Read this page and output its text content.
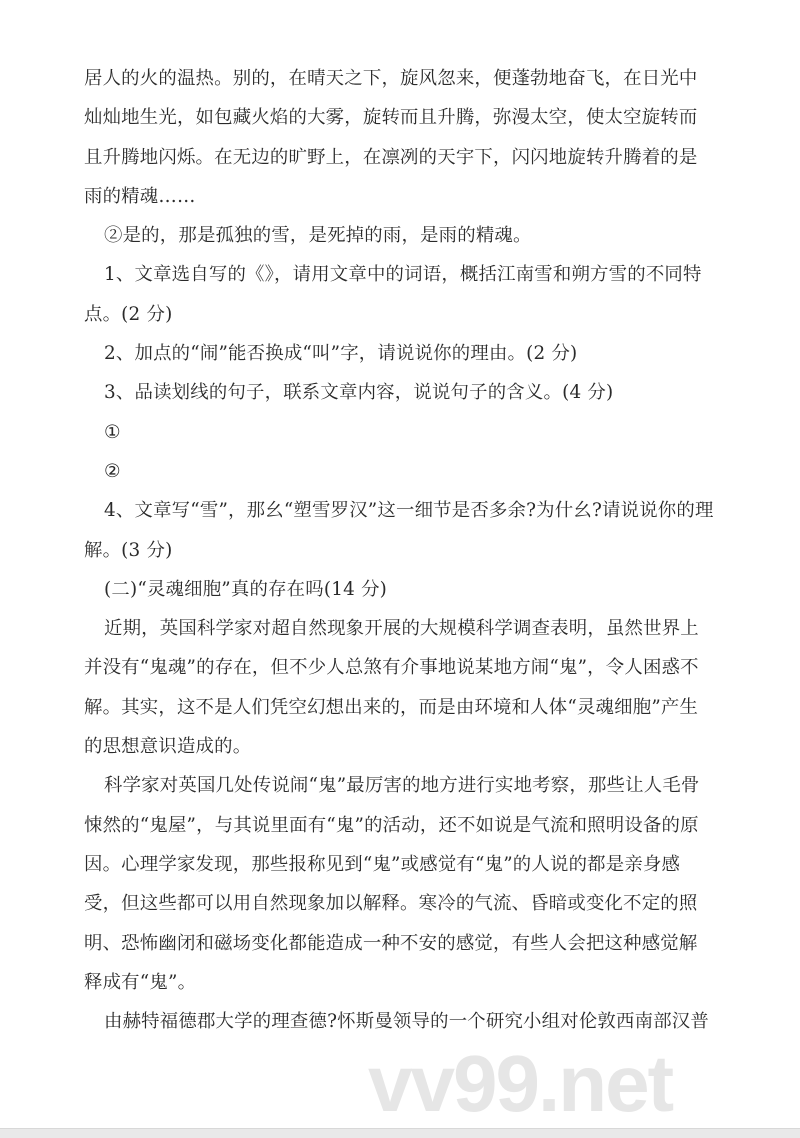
vv99.net
居人的火的温热。别的，在晴天之下，旋风忽来，便蓬勃地奋飞，在日光中
灿灿地生光，如包藏火焰的大雾，旋转而且升腾，弥漫太空，使太空旋转而
且升腾地闪烁。在无边的旷野上，在凛冽的天宇下，闪闪地旋转升腾着的是
雨的精魂……
②是的，那是孤独的雪，是死掉的雨，是雨的精魂。
1、文章选自写的《》，请用文章中的词语，概括江南雪和朔方雪的不同特
点。(2 分)
2、加点的“闹”能否换成“叫”字，请说说你的理由。(2 分)
3、品读划线的句子，联系文章内容，说说句子的含义。(4 分)
①
②
4、文章写“雪”，那幺“塑雪罗汉”这一细节是否多余?为什幺?请说说你的理
解。(3 分)
(二)“灵魂细胞”真的存在吗(14 分)
近期，英国科学家对超自然现象开展的大规模科学调查表明，虽然世界上
并没有“鬼魂”的存在，但不少人总煞有介事地说某地方闹“鬼”，令人困惑不
解。其实，这不是人们凭空幻想出来的，而是由环境和人体“灵魂细胞”产生
的思想意识造成的。
科学家对英国几处传说闹“鬼”最厉害的地方进行实地考察，那些让人毛骨
悚然的“鬼屋”，与其说里面有“鬼”的活动，还不如说是气流和照明设备的原
因。心理学家发现，那些报称见到“鬼”或感觉有“鬼”的人说的都是亲身感
受，但这些都可以用自然现象加以解释。寒冷的气流、昏暗或变化不定的照
明、恐怖幽闭和磁场变化都能造成一种不安的感觉，有些人会把这种感觉解
释成有“鬼”。
由赫特福德郡大学的理查德?怀斯曼领导的一个研究小组对伦敦西南部汉普
